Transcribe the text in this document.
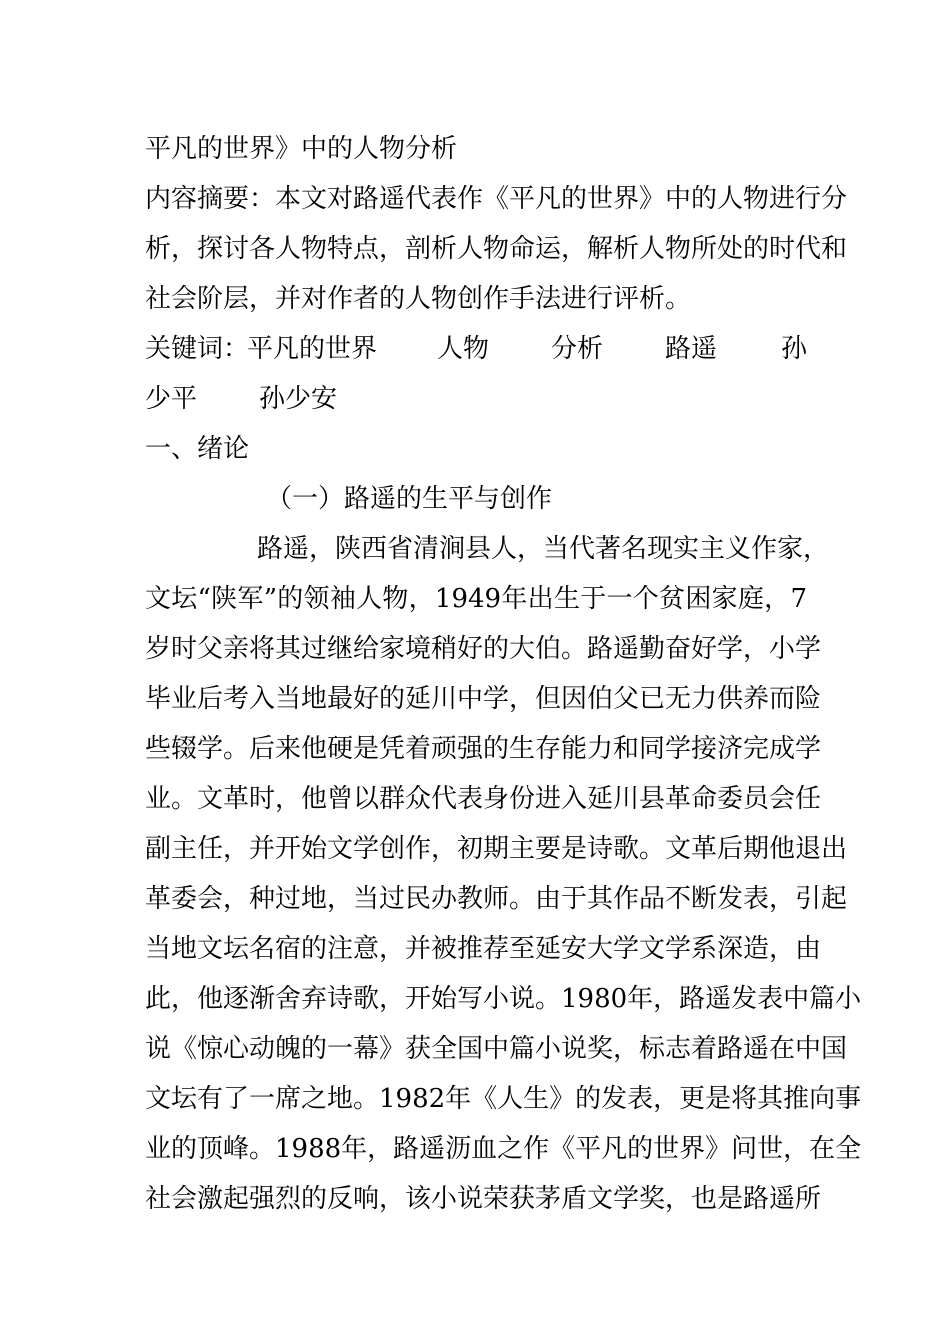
平凡的世界》中的人物分析
内容摘要：本文对路遥代表作《平凡的世界》中的人物进行分
析，探讨各人物特点，剖析人物命运，解析人物所处的时代和
社会阶层，并对作者的人物创作手法进行评析。
关键词：
平凡的世界 人物 分析 路遥 孙
少平 孙少安
一、绪论
（一）路遥的生平与创作
路遥，陕西省清涧县人，当代著名现实主义作家，
文坛“陕军”的领袖人物，1949年出生于一个贫困家庭，7
岁时父亲将其过继给家境稍好的大伯。路遥勤奋好学，小学
毕业后考入当地最好的延川中学，但因伯父已无力供养而险
些辍学。后来他硬是凭着顽强的生存能力和同学接济完成学
业。文革时，他曾以群众代表身份进入延川县革命委员会任
副主任，并开始文学创作，初期主要是诗歌。文革后期他退出
革委会，种过地，当过民办教师。由于其作品不断发表，引起
当地文坛名宿的注意，并被推荐至延安大学文学系深造，由
此，他逐渐舍弃诗歌，开始写小说。1980年，路遥发表中篇小
说《惊心动魄的一幕》获全国中篇小说奖，标志着路遥在中国
文坛有了一席之地。1982年《人生》的发表，更是将其推向事
业的顶峰。1988年，路遥沥血之作《平凡的世界》问世，在全
社会激起强烈的反响，该小说荣获茅盾文学奖，也是路遥所
